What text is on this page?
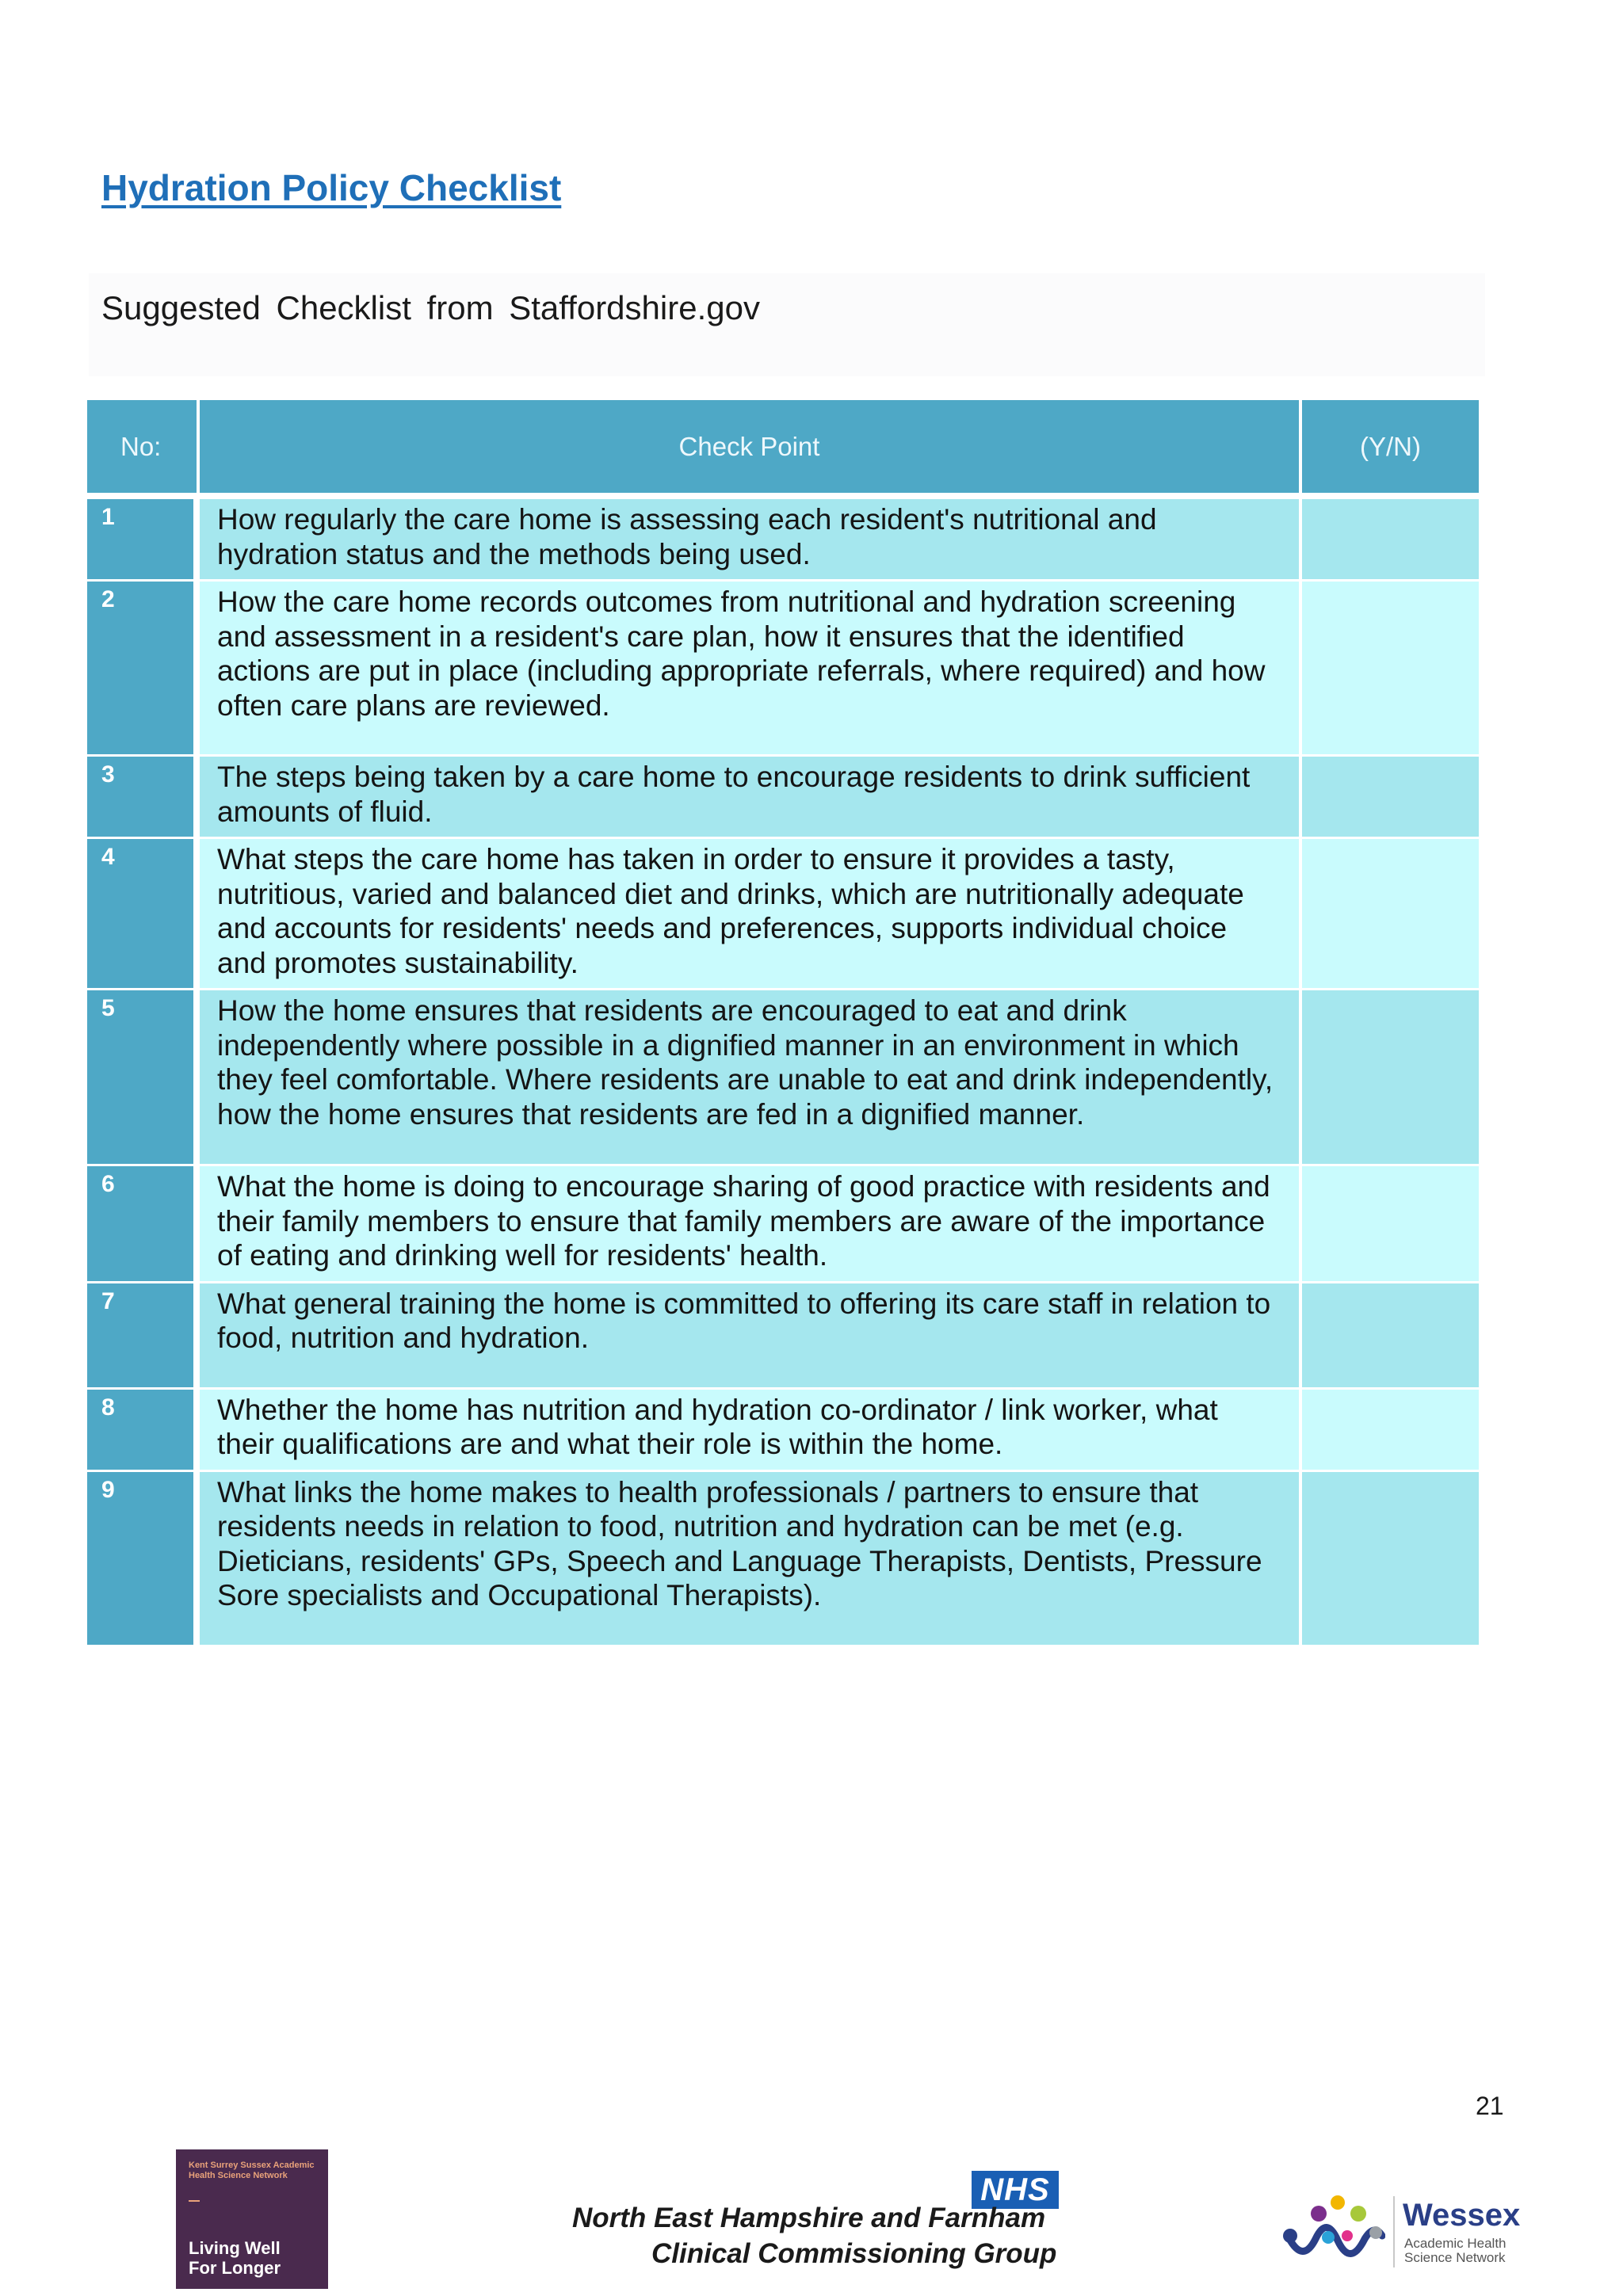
Hydration Policy Checklist
Suggested Checklist from Staffordshire.gov
No:	Check Point	(Y/N)

1	How regularly the care home is assessing each resident's nutritional and hydration status and the methods being used.	
2	How the care home records outcomes from nutritional and hydration screening and assessment in a resident's care plan, how it ensures that the identified actions are put in place (including appropriate referrals, where required) and how often care plans are reviewed.	
3	The steps being taken by a care home to encourage residents to drink sufficient amounts of fluid.	
4	What steps the care home has taken in order to ensure it provides a tasty, nutritious, varied and balanced diet and drinks, which are nutritionally adequate and accounts for residents' needs and preferences, supports individual choice and promotes sustainability.	
5	How the home ensures that residents are encouraged to eat and drink independently where possible in a dignified manner in an environment in which they feel comfortable. Where residents are unable to eat and drink independently, how the home ensures that residents are fed in a dignified manner.	
6	What the home is doing to encourage sharing of good practice with residents and their family members to ensure that family members are aware of the importance of eating and drinking well for residents' health.	
7	What general training the home is committed to offering its care staff in relation to food, nutrition and hydration.	
8	Whether the home has nutrition and hydration co-ordinator / link worker, what their qualifications are and what their role is within the home.	
9	What links the home makes to health professionals / partners to ensure that residents needs in relation to food, nutrition and hydration can be met (e.g. Dieticians, residents' GPs, Speech and Language Therapists, Dentists, Pressure Sore specialists and Occupational Therapists).	
21
Kent Surrey Sussex Academic Health Science Network
Living Well
For Longer
NHS
North East Hampshire and Farnham
Clinical Commissioning Group
Wessex
Academic Health
Science Network
